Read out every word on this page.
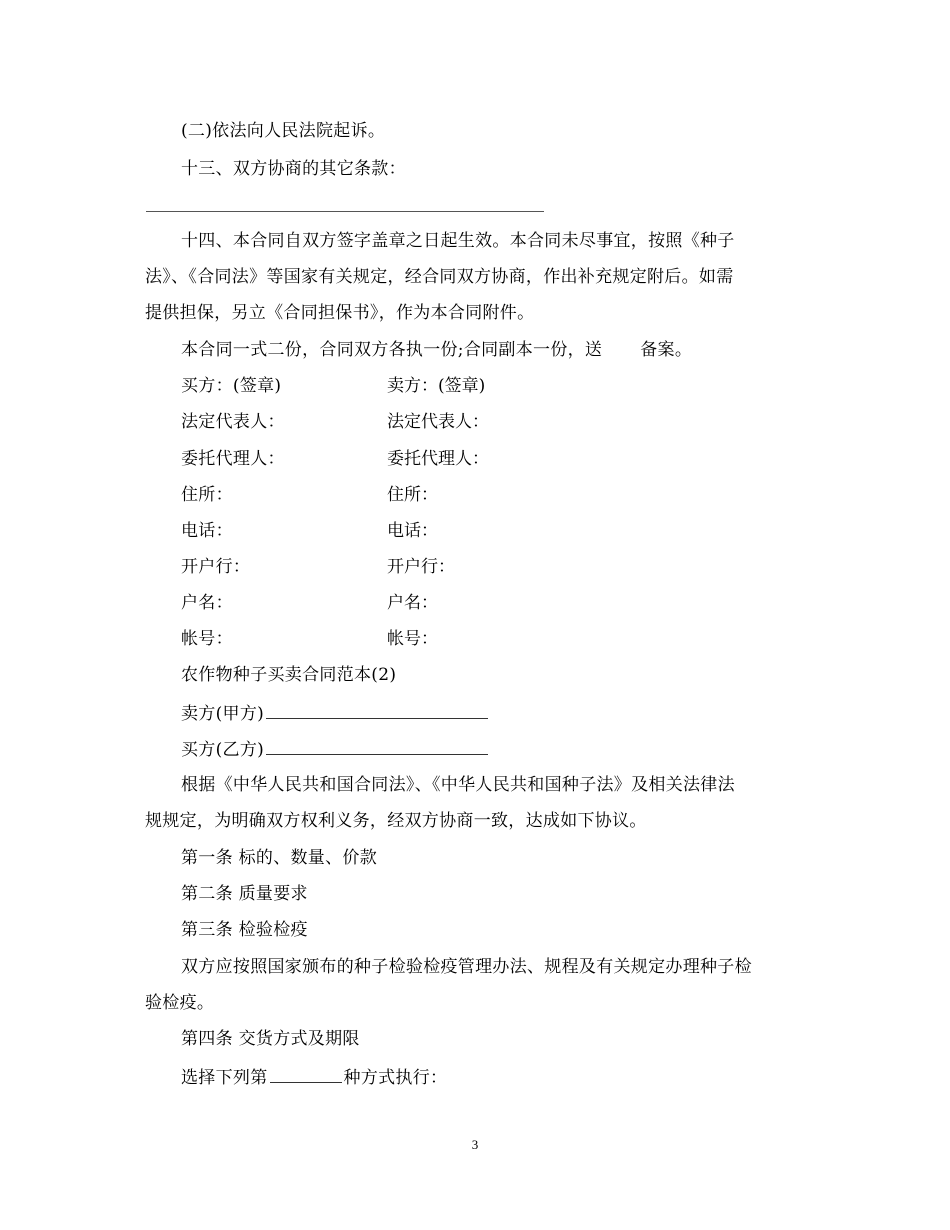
(二)依法向人民法院起诉。
十三、双方协商的其它条款：
十四、本合同自双方签字盖章之日起生效。本合同未尽事宜，按照《种子
法》、《合同法》等国家有关规定，经合同双方协商，作出补充规定附后。如需
提供担保，另立《合同担保书》，作为本合同附件。
本合同一式二份，合同双方各执一份;合同副本一份，送 备案。
买方：(签章)	卖方：(签章)
法定代表人：	法定代表人：
委托代理人：	委托代理人：
住所：	住所：
电话：	电话：
开户行：	开户行：
户名：	户名：
帐号：	帐号：
农作物种子买卖合同范本(2)
卖方(甲方)
买方(乙方)
根据《中华人民共和国合同法》、《中华人民共和国种子法》及相关法律法
规规定，为明确双方权利义务，经双方协商一致，达成如下协议。
第一条 标的、数量、价款
第二条 质量要求
第三条 检验检疫
双方应按照国家颁布的种子检验检疫管理办法、规程及有关规定办理种子检
验检疫。
第四条 交货方式及期限
选择下列第	种方式执行：
3
